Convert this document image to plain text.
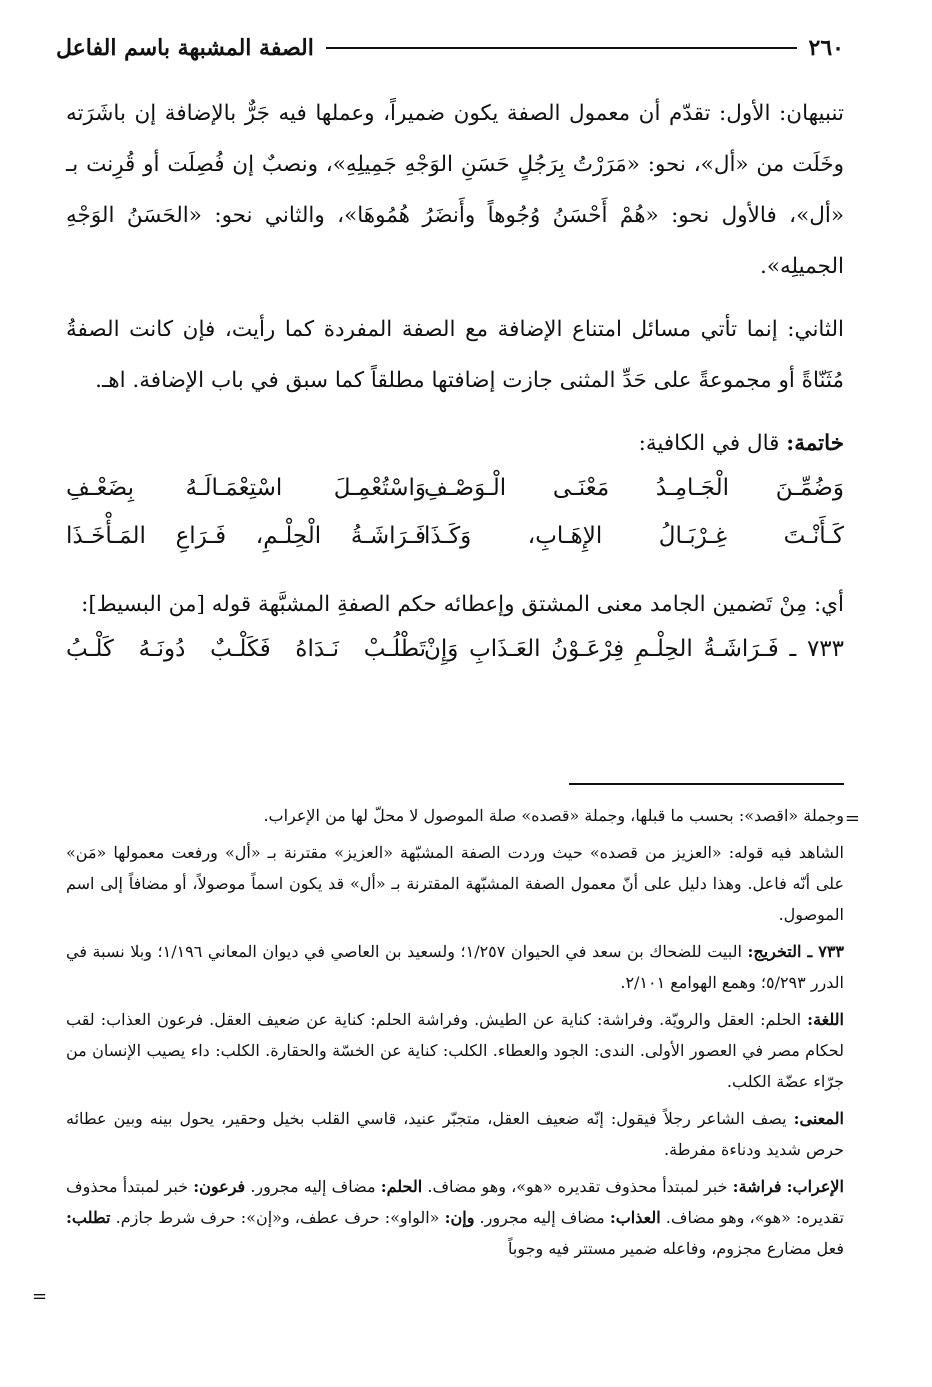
٢٦٠
الصفة المشبهة باسم الفاعل

تنبيهان: الأول: تقدّم أن معمول الصفة يكون ضميراً، وعملها فيه جَرٌّ بالإضافة إن باشَرَته وخَلَت من «أل»، نحو: «مَرَرْتُ بِرَجُلٍ حَسَنِ الوَجْهِ جَمِيلِهِ»، ونصبٌ إن فُصِلَت أو قُرِنت بـ «أل»، فالأول نحو: «هُمْ أَحْسَنُ وُجُوهاً وأَنضَرُ هُمُوهَا»، والثاني نحو: «الحَسَنُ الوَجْهِ الجميلِه».

الثاني: إنما تأتي مسائل امتناع الإضافة مع الصفة المفردة كما رأيت، فإن كانت الصفةُ مُثَنّاةً أو مجموعةً على حَدِّ المثنى جازت إضافتها مطلقاً كما سبق في باب الإضافة. اهـ.

خاتمة: قال في الكافية:

وَضُمِّـنَ الْجَـامِـدُ مَعْنَـى الْـوَصْـفِ
وَاسْتُعْمِـلَ اسْتِعْمَـالَـهُ بِضَعْـفِ
كَـأَنْـتَ غِـرْبَـالُ الإِهَـابِ، وَكَـذَا
فَـرَاشَـةُ الْحِلْـمِ، فَـرَاعِ المَـأْخَـذَا

أي: مِنْ تَضمين الجامد معنى المشتق وإعطائه حكم الصفةِ المشبَّهة قوله [من البسيط]:

٧٣٣ ـ فَـرَاشَـةُ الحِلْـمِ فِرْعَـوْنُ العَـذَابِ وَإِنْ
تَطْلُـبْ نَـدَاهُ فَكَلْـبٌ دُونَـهُ كَلْـبُ
=

وجملة «اقصد»: بحسب ما قبلها، وجملة «قصده» صلة الموصول لا محلّ لها من الإعراب.

الشاهد فيه قوله: «العزيز من قصده» حيث وردت الصفة المشبّهة «العزيز» مقترنة بـ «أل» ورفعت معمولها «مَن» على أنّه فاعل. وهذا دليل على أنّ معمول الصفة المشبّهة المقترنة بـ «أل» قد يكون اسماً موصولاً، أو مضافاً إلى اسم الموصول.

٧٣٣ ـ التخريج: البيت للضحاك بن سعد في الحيوان ١/٢٥٧؛ ولسعيد بن العاصي في ديوان المعاني ١/١٩٦؛ وبلا نسبة في الدرر ٥/٢٩٣؛ وهمع الهوامع ٢/١٠١.

اللغة: الحلم: العقل والرويّة. وفراشة: كناية عن الطيش. وفراشة الحلم: كناية عن ضعيف العقل. فرعون العذاب: لقب لحكام مصر في العصور الأولى. الندى: الجود والعطاء. الكلب: كناية عن الخسّة والحقارة. الكلب: داء يصيب الإنسان من جرّاء عضّة الكلب.

المعنى: يصف الشاعر رجلاً فيقول: إنّه ضعيف العقل، متجبّر عنيد، قاسي القلب بخيل وحقير، يحول بينه وبين عطائه حرص شديد ودناءة مفرطة.

الإعراب: فراشة: خبر لمبتدأ محذوف تقديره «هو»، وهو مضاف. الحلم: مضاف إليه مجرور. فرعون: خبر لمبتدأ محذوف تقديره: «هو»، وهو مضاف. العذاب: مضاف إليه مجرور. وإن: «الواو»: حرف عطف، و«إن»: حرف شرط جازم. تطلب: فعل مضارع مجزوم، وفاعله ضمير مستتر فيه وجوباً

=
